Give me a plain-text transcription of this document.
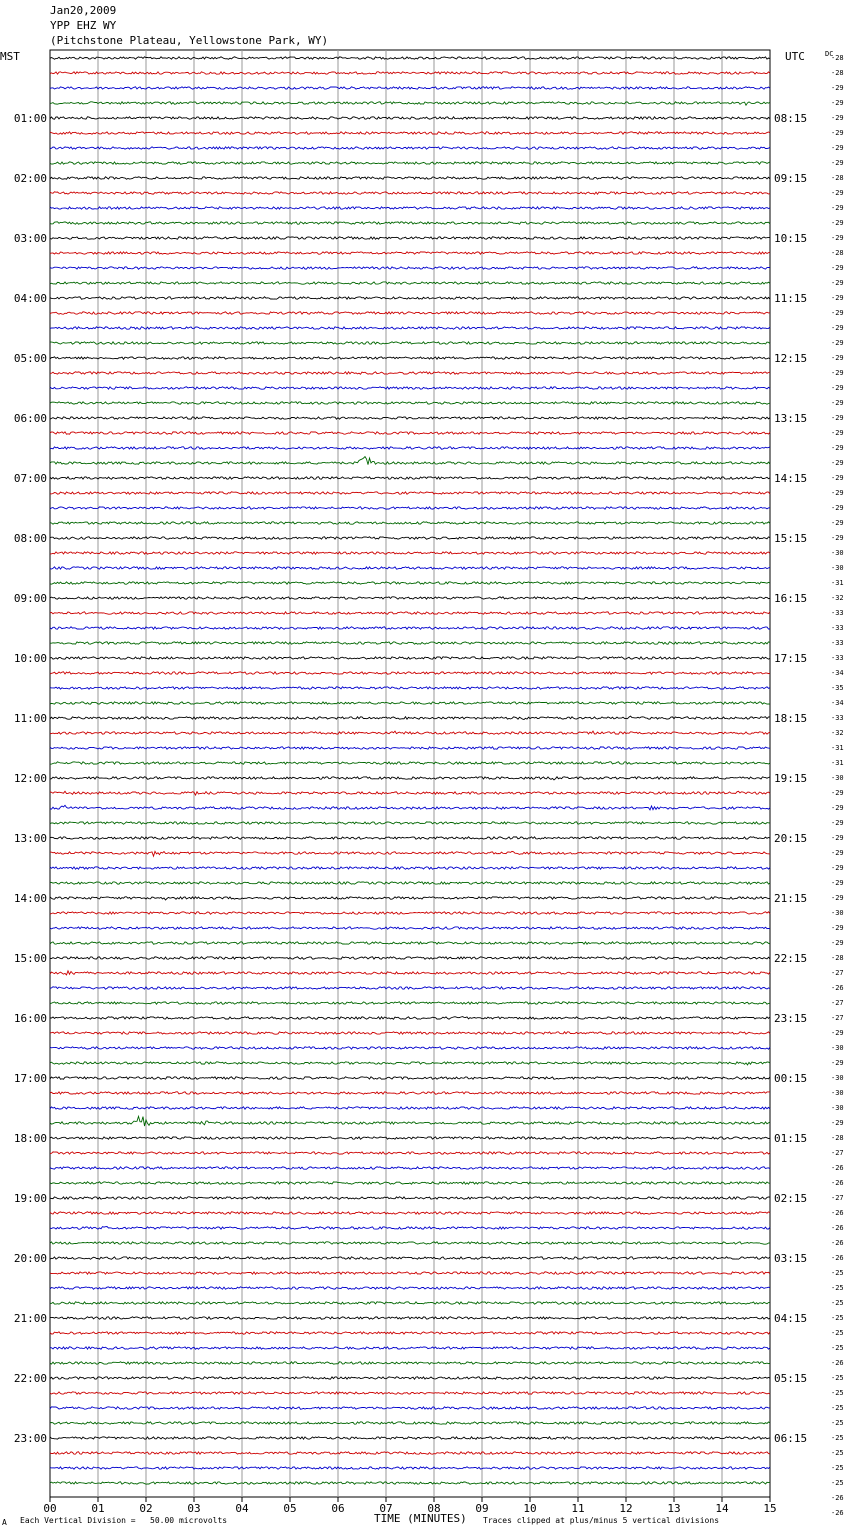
Jan20,2009
YPP EHZ WY
(Pitchstone Plateau, Yellowstone Park, WY)
MST	UTC	DC
01:00
02:00
03:00
04:00
05:00
06:00
07:00
08:00
09:00
10:00
11:00
12:00
13:00
14:00
15:00
16:00
17:00
18:00
19:00
20:00
21:00
22:00
23:00
08:15
09:15
10:15
11:15
12:15
13:15
14:15
15:15
16:15
17:15
18:15
19:15
20:15
21:15
22:15
23:15
00:15
01:15
02:15
03:15
04:15
05:15
06:15
-28
-28
-29
-29
-29
-29
-29
-29
-28
-29
-29
-29
-29
-28
-29
-29
-29
-29
-29
-29
-29
-29
-29
-29
-29
-29
-29
-29
-29
-29
-29
-29
-29
-30
-30
-31
-32
-33
-33
-33
-33
-34
-35
-34
-33
-32
-31
-31
-30
-29
-29
-29
-29
-29
-29
-29
-29
-30
-29
-29
-28
-27
-26
-27
-27
-29
-30
-29
-30
-30
-30
-29
-28
-27
-26
-26
-27
-26
-26
-26
-26
-25
-25
-25
-25
-25
-25
-26
-25
-25
-25
-25
-25
-25
-25
-25
-26
-26
00	01	02	03	04	05	06	07	08	09	10	11	12	13	14	15
A Each Vertical Division =   50.00 microvolts	TIME (MINUTES) Traces clipped at plus/minus 5 vertical divisions
